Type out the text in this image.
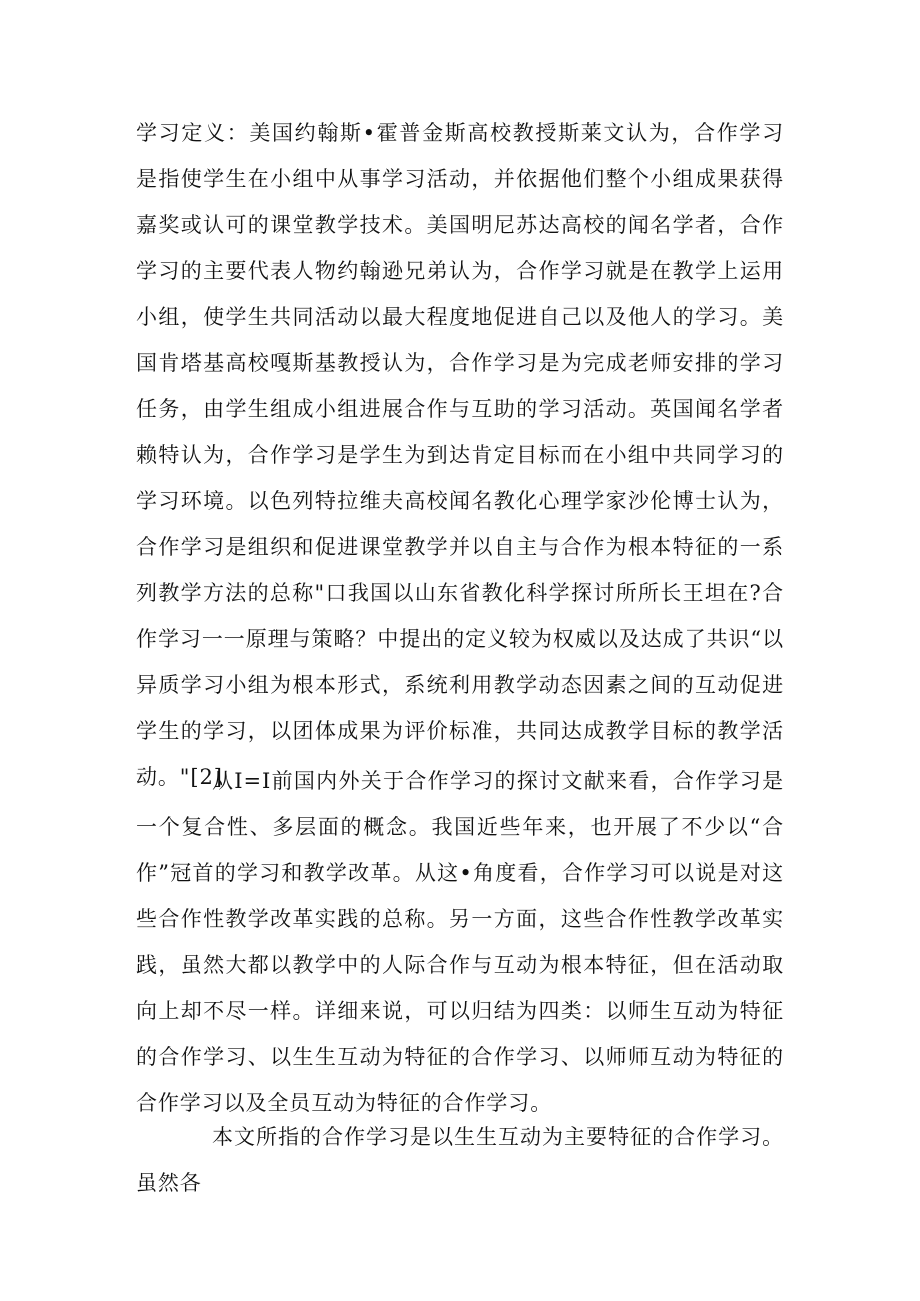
学习定义：美国约翰斯•霍普金斯高校教授斯莱文认为，合作学习是指使学生在小组中从事学习活动，并依据他们整个小组成果获得嘉奖或认可的课堂教学技术。美国明尼苏达高校的闻名学者，合作学习的主要代表人物约翰逊兄弟认为，合作学习就是在教学上运用小组，使学生共同活动以最大程度地促进自己以及他人的学习。美国肯塔基高校嘎斯基教授认为，合作学习是为完成老师安排的学习任务，由学生组成小组进展合作与互助的学习活动。英国闻名学者赖特认为，合作学习是学生为到达肯定目标而在小组中共同学习的学习环境。以色列特拉维夫高校闻名教化心理学家沙伦博士认为，合作学习是组织和促进课堂教学并以自主与合作为根本特征的一系列教学方法的总称"口我国以山东省教化科学探讨所所长王坦在?合作学习一一原理与策略？中提出的定义较为权威以及达成了共识“以异质学习小组为根本形式，系统利用教学动态因素之间的互动促进学生的学习，以团体成果为评价标准，共同达成教学目标的教学活动。"[2]

从I=I前国内外关于合作学习的探讨文献来看，合作学习是一个复合性、多层面的概念。我国近些年来，也开展了不少以“合作”冠首的学习和教学改革。从这•角度看，合作学习可以说是对这些合作性教学改革实践的总称。另一方面，这些合作性教学改革实践，虽然大都以教学中的人际合作与互动为根本特征，但在活动取向上却不尽一样。详细来说，可以归结为四类：以师生互动为特征的合作学习、以生生互动为特征的合作学习、以师师互动为特征的合作学习以及全员互动为特征的合作学习。

本文所指的合作学习是以生生互动为主要特征的合作学习。虽然各
